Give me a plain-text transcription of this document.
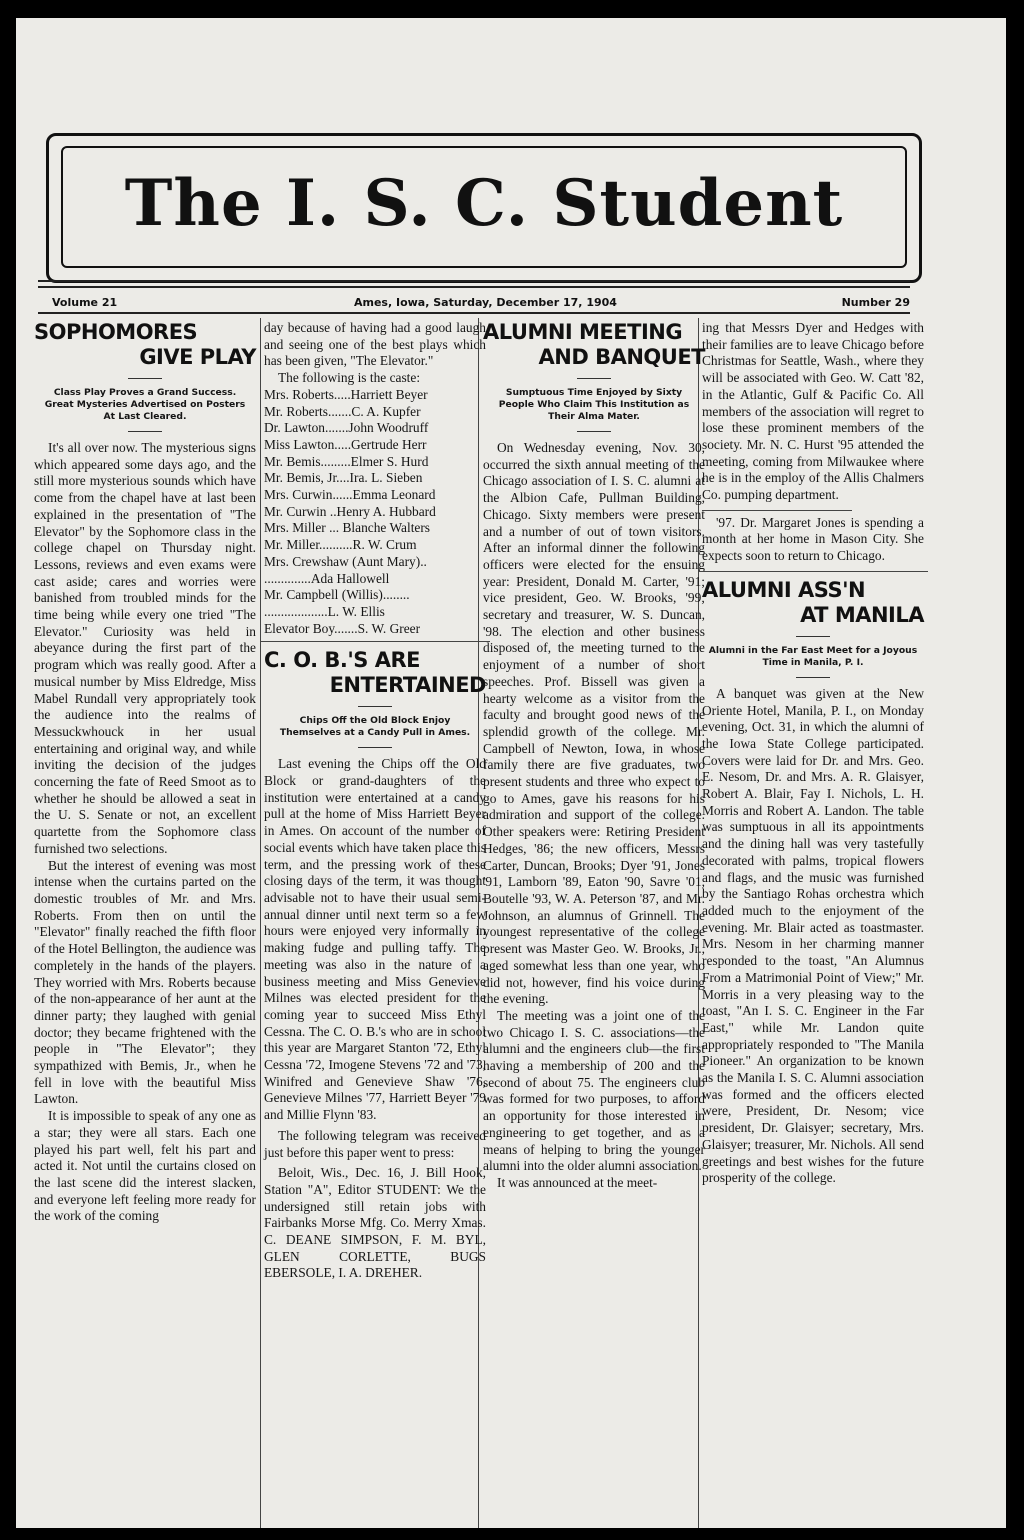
The I. S. C. Student
Volume 21	Ames, Iowa, Saturday, December 17, 1904	Number 29
SOPHOMORES
GIVE PLAY
Class Play Proves a Grand Success. Great Mysteries Advertised on Posters At Last Cleared.

It's all over now. The mysterious signs which appeared some days ago, and the still more mysterious sounds which have come from the chapel have at last been explained in the presentation of "The Elevator" by the Sophomore class in the college chapel on Thursday night. Lessons, reviews and even exams were cast aside; cares and worries were banished from troubled minds for the time being while every one tried "The Elevator." Curiosity was held in abeyance during the first part of the program which was really good. After a musical number by Miss Eldredge, Miss Mabel Rundall very appropriately took the audience into the realms of Messuckwhouck in her usual entertaining and original way, and while inviting the decision of the judges concerning the fate of Reed Smoot as to whether he should be allowed a seat in the U. S. Senate or not, an excellent quartette from the Sophomore class furnished two selections.

But the interest of evening was most intense when the curtains parted on the domestic troubles of Mr. and Mrs. Roberts. From then on until the "Elevator" finally reached the fifth floor of the Hotel Bellington, the audience was completely in the hands of the players. They worried with Mrs. Roberts because of the non-appearance of her aunt at the dinner party; they laughed with genial doctor; they became frightened with the people in "The Elevator"; they sympathized with Bemis, Jr., when he fell in love with the beautiful Miss Lawton.

It is impossible to speak of any one as a star; they were all stars. Each one played his part well, felt his part and acted it. Not until the curtains closed on the last scene did the interest slacken, and everyone left feeling more ready for the work of the coming

day because of having had a good laugh and seeing one of the best plays which has been given, "The Elevator."

The following is the caste:

Mrs. Roberts.....Harriett Beyer
Mr. Roberts.......C. A. Kupfer
Dr. Lawton.......John Woodruff
Miss Lawton.....Gertrude Herr
Mr. Bemis.........Elmer S. Hurd
Mr. Bemis, Jr....Ira. L. Sieben
Mrs. Curwin......Emma Leonard
Mr. Curwin ..Henry A. Hubbard
Mrs. Miller ... Blanche Walters
Mr. Miller..........R. W. Crum
Mrs. Crewshaw (Aunt Mary)..
..............Ada Hallowell
Mr. Campbell (Willis)........
...................L. W. Ellis
Elevator Boy.......S. W. Greer
C. O. B.'S ARE
ENTERTAINED
Chips Off the Old Block Enjoy Themselves at a Candy Pull in Ames.

Last evening the Chips off the Old Block or grand-daughters of the institution were entertained at a candy pull at the home of Miss Harriett Beyer in Ames. On account of the number of social events which have taken place this term, and the pressing work of these closing days of the term, it was thought advisable not to have their usual semi-annual dinner until next term so a few hours were enjoyed very informally in making fudge and pulling taffy. The meeting was also in the nature of a business meeting and Miss Genevieve Milnes was elected president for the coming year to succeed Miss Ethyl Cessna. The C. O. B.'s who are in school this year are Margaret Stanton '72, Ethyl Cessna '72, Imogene Stevens '72 and '73, Winifred and Genevieve Shaw '76, Genevieve Milnes '77, Harriett Beyer '79 and Millie Flynn '83.

The following telegram was received just before this paper went to press:

Beloit, Wis., Dec. 16, J. Bill Hook, Station "A", Editor STUDENT: We the undersigned still retain jobs with Fairbanks Morse Mfg. Co. Merry Xmas. C. DEANE SIMPSON, F. M. BYL, GLEN CORLETTE, BUGS EBERSOLE, I. A. DREHER.

ALUMNI MEETING
AND BANQUET
Sumptuous Time Enjoyed by Sixty People Who Claim This Institution as Their Alma Mater.

On Wednesday evening, Nov. 30, occurred the sixth annual meeting of the Chicago association of I. S. C. alumni at the Albion Cafe, Pullman Building, Chicago. Sixty members were present and a number of out of town visitors. After an informal dinner the following officers were elected for the ensuing year: President, Donald M. Carter, '91; vice president, Geo. W. Brooks, '99; secretary and treasurer, W. S. Duncan, '98. The election and other business disposed of, the meeting turned to the enjoyment of a number of short speeches. Prof. Bissell was given a hearty welcome as a visitor from the faculty and brought good news of the splendid growth of the college. Mr. Campbell of Newton, Iowa, in whose family there are five graduates, two present students and three who expect to go to Ames, gave his reasons for his admiration and support of the college. Other speakers were: Retiring President Hedges, '86; the new officers, Messrs Carter, Duncan, Brooks; Dyer '91, Jones '91, Lamborn '89, Eaton '90, Savre '01, Boutelle '93, W. A. Peterson '87, and Mr. Johnson, an alumnus of Grinnell. The youngest representative of the college present was Master Geo. W. Brooks, Jr., aged somewhat less than one year, who did not, however, find his voice during the evening.

The meeting was a joint one of the two Chicago I. S. C. associations—the alumni and the engineers club—the first having a membership of 200 and the second of about 75. The engineers club was formed for two purposes, to afford an opportunity for those interested in engineering to get together, and as a means of helping to bring the younger alumni into the older alumni association.

It was announced at the meet-

ing that Messrs Dyer and Hedges with their families are to leave Chicago before Christmas for Seattle, Wash., where they will be associated with Geo. W. Catt '82, in the Atlantic, Gulf & Pacific Co. All members of the association will regret to lose these prominent members of the society. Mr. N. C. Hurst '95 attended the meeting, coming from Milwaukee where he is in the employ of the Allis Chalmers Co. pumping department.

'97. Dr. Margaret Jones is spending a month at her home in Mason City. She expects soon to return to Chicago.

ALUMNI ASS'N
AT MANILA
Alumni in the Far East Meet for a Joyous Time in Manila, P. I.

A banquet was given at the New Oriente Hotel, Manila, P. I., on Monday evening, Oct. 31, in which the alumni of the Iowa State College participated. Covers were laid for Dr. and Mrs. Geo. E. Nesom, Dr. and Mrs. A. R. Glaisyer, Robert A. Blair, Fay I. Nichols, L. H. Morris and Robert A. Landon. The table was sumptuous in all its appointments and the dining hall was very tastefully decorated with palms, tropical flowers and flags, and the music was furnished by the Santiago Rohas orchestra which added much to the enjoyment of the evening. Mr. Blair acted as toastmaster. Mrs. Nesom in her charming manner responded to the toast, "An Alumnus From a Matrimonial Point of View;" Mr. Morris in a very pleasing way to the toast, "An I. S. C. Engineer in the Far East," while Mr. Landon quite appropriately responded to "The Manila Pioneer." An organization to be known as the Manila I. S. C. Alumni association was formed and the officers elected were, President, Dr. Nesom; vice president, Dr. Glaisyer; secretary, Mrs. Glaisyer; treasurer, Mr. Nichols. All send greetings and best wishes for the future prosperity of the college.
